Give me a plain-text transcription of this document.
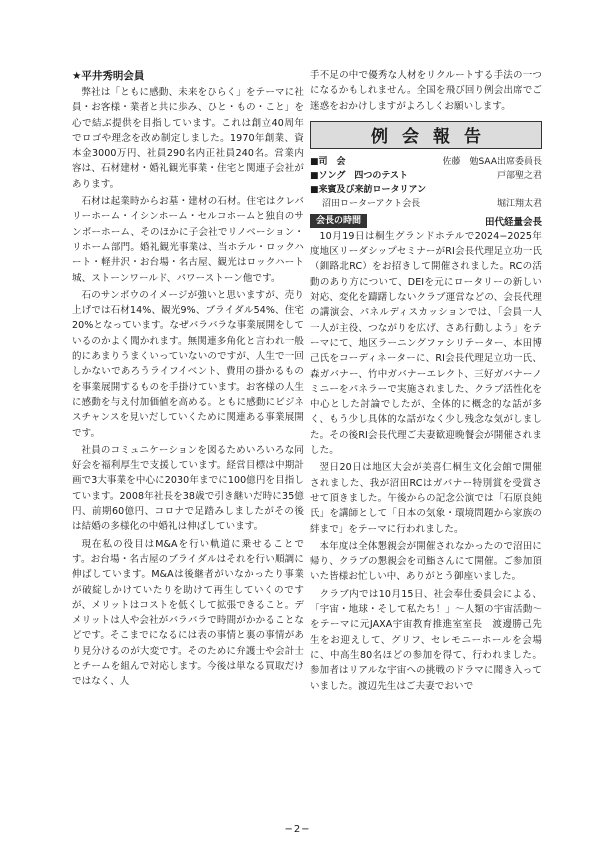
★平井秀明会員

弊社は「ともに感動、未来をひらく」をテーマに社員・お客様・業者と共に歩み、ひと・もの・こと」を心で結ぶ提供を目指しています。これは創立40周年でロゴや理念を改め制定しました。1970年創業、資本金3000万円、社員290名内正社員240名。営業内容は、石材建材・婚礼観光事業・住宅と関連子会社があります。

石材は起業時からお墓・建材の石材。住宅はクレバリーホーム・イシンホーム・セルコホームと独自のサンボーホーム、そのほかに子会社でリノベーション・リホーム部門。婚礼観光事業は、当ホテル・ロックハート・軽井沢・お台場・名古屋、観光はロックハート城、ストーンワールド、パワーストーン他です。

石のサンボウのイメージが強いと思いますが、売り上げでは石材14%、観光9%、ブライダル54%、住宅20%となっています。なぜバラバラな事業展開をしているのかよく聞かれます。無関連多角化と言われ一般的にあまりうまくいっていないのですが、人生で一回しかないであろうライフイベント、費用の掛かるものを事業展開するものを手掛けています。お客様の人生に感動を与え付加価値を高める。ともに感動にビジネスチャンスを見いだしていくために関連ある事業展開です。

社員のコミュニケーションを図るためいろいろな同好会を福利厚生で支援しています。経営目標は中期計画で3大事業を中心に2030年までに100億円を目指しています。2008年社長を38歳で引き継いだ時に35億円、前期60億円、コロナで足踏みしましたがその後は結婚の多様化の中婚礼は伸ばしています。

現在私の役目はM&Aを行い軌道に乗せることです。お台場・名古屋のブライダルはそれを行い順調に伸ばしています。M&Aは後継者がいなかったり事業が破綻しかけていたりを助けて再生していくのですが、メリットはコストを低くして拡張できること。デメリットは人や会社がバラバラで時間がかかることなどです。そこまでになるには表の事情と裏の事情があり見分けるのが大変です。そのために弁護士や会計士とチームを組んで対応します。今後は単なる買取だけではなく、人

手不足の中で優秀な人材をリクルートする手法の一つになるかもしれません。全国を飛び回り例会出席でご迷惑をおかけしますがよろしくお願いします。

例会報告
■司　会	佐藤　勉SAA出席委員長
■ソング　四つのテスト	戸部聖之君
■来賓及び来訪ロータリアン
沼田ローターアクト会長	堀江翔太君
会長の時間	田代経量会長

10月19日は桐生グランドホテルで2024−2025年度地区リーダシップセミナーがRI会長代理足立功一氏（釧路北RC）をお招きして開催されました。RCの活動のあり方について、DEIを元にロータリーの新しい対応、変化を躊躇しないクラブ運営などの、会長代理の講演会、パネルディスカッションでは、「会員一人一人が主役、つながりを広げ、さあ行動しよう」をテーマにて、地区ラーニングファシリテーター、本田博己氏をコーディネーターに、RI会長代理足立功一氏、森ガバナー、竹中ガバナーエレクト、三好ガバナーノミニーをパネラーで実施されました、クラブ活性化を中心とした討論でしたが、全体的に概念的な話が多く、もう少し具体的な話がなく少し残念な気がしました。その後RI会長代理ご夫妻歓迎晩餐会が開催されました。

翌日20日は地区大会が美喜仁桐生文化会館で開催されました、我が沼田RCはガバナー特別賞を受賞させて頂きました。午後からの記念公演では「石原良純氏」を講師として「日本の気象・環境問題から家族の絆まで」をテーマに行われました。

本年度は全体懇親会が開催されなかったので沼田に帰り、クラブの懇親会を司鮨さんにて開催。ご参加頂いた皆様お忙しい中、ありがとう御座いました。

クラブ内では10月15日、社会奉仕委員会による、「宇宙・地球・そして私たち！」〜人類の宇宙活動〜をテーマに元JAXA宇宙教育推進室室長　渡邊勝己先生をお迎えして、グリフ、セレモニーホールを会場に、中高生80名ほどの参加を得て、行われました。参加者はリアルな宇宙への挑戦のドラマに聞き入っていました。渡辺先生はご夫妻でおいで

−2−
